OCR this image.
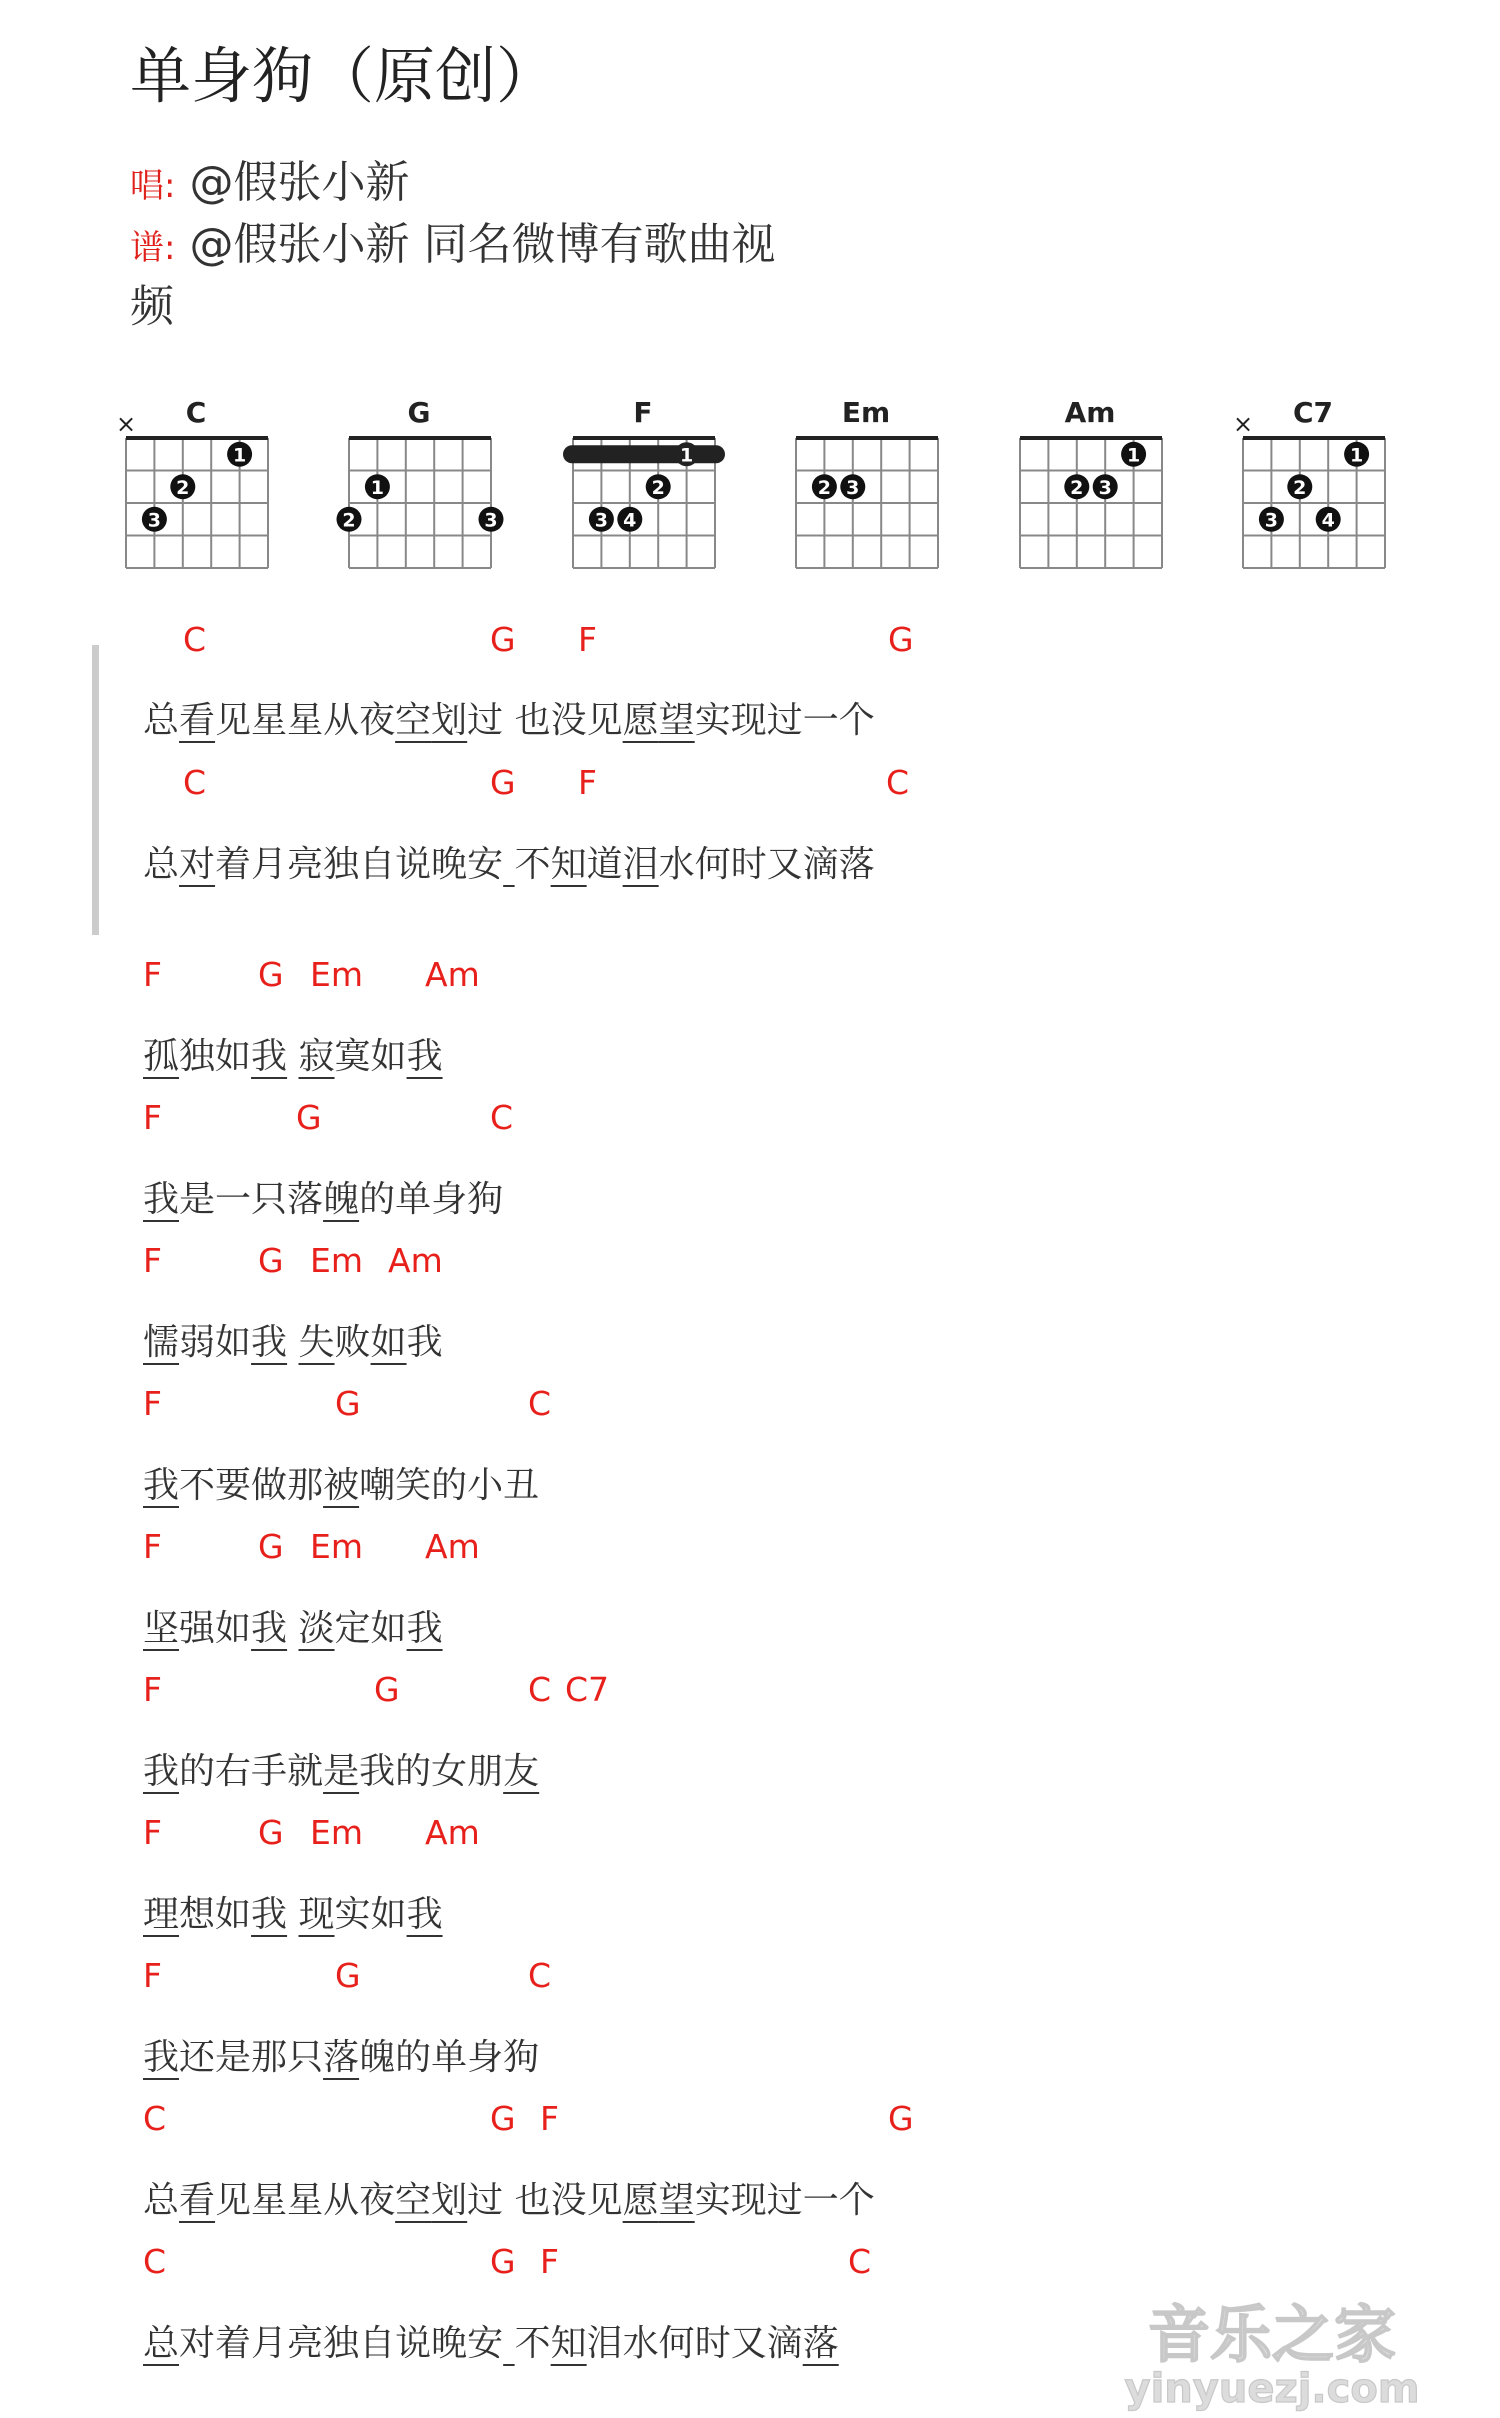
单身狗（原创）
唱: @假张小新
谱: @假张小新 同名微博有歌曲视
频
C
×
3
2
1
G
2
1
3
F
1
3 4
2
Em
2 3
Am
2 3
1
C7
×
3
2
4
1
C	G F	G
总看见星星从夜空划过 也没见愿望实现过一个
C	G F	C
总对着月亮独自说晚安 不知道泪水何时又滴落
F	G Em Am
孤独如我 寂寞如我
F	G	C
我是一只落魄的单身狗
F	G Em Am
懦弱如我 失败如我
F	G	C
我不要做那被嘲笑的小丑
F	G Em Am
坚强如我 淡定如我
F	G	C C7
我的右手就是我的女朋友
F	G Em Am
理想如我 现实如我
F	G	C
我还是那只落魄的单身狗
C	G F	G
总看见星星从夜空划过 也没见愿望实现过一个
C	G F	C
总对着月亮独自说晚安 不知泪水何时又滴落	音乐之家
yinyuezj.com
